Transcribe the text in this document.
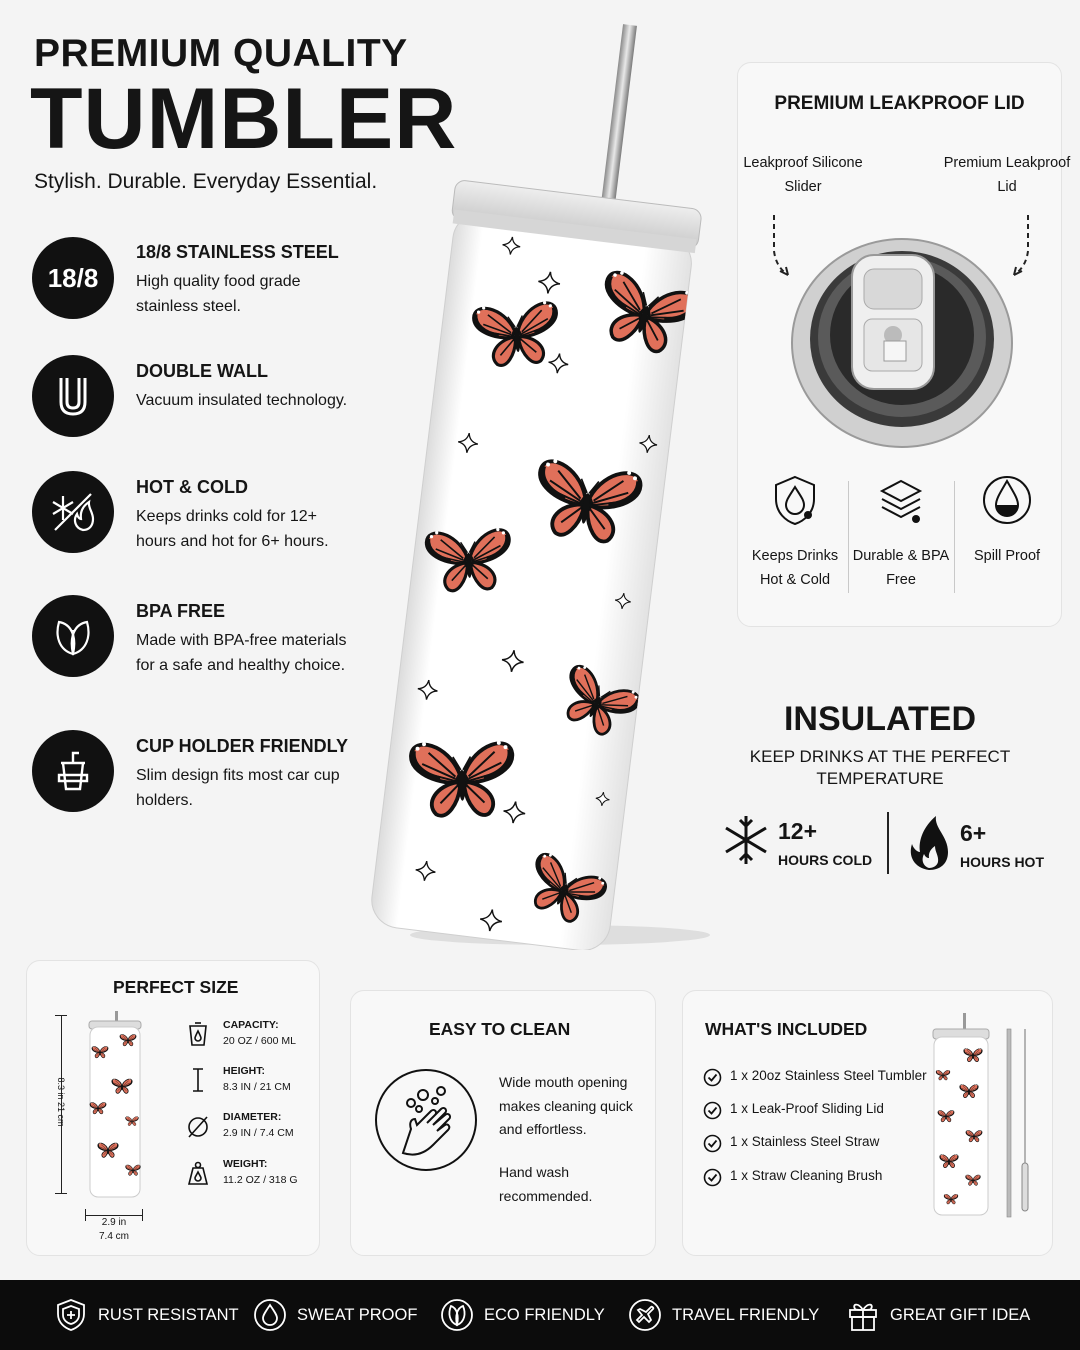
PREMIUM QUALITY
TUMBLER
Stylish. Durable. Everyday Essential.
18/8
18/8 STAINLESS STEEL
High quality food grade stainless steel.
DOUBLE WALL
Vacuum insulated technology.
HOT & COLD
Keeps drinks cold for 12+ hours and hot for 6+ hours.
BPA FREE
Made with BPA-free materials for a safe and healthy choice.
CUP HOLDER FRIENDLY
Slim design fits most car cup holders.
PREMIUM LEAKPROOF LID
Leakproof Silicone Slider
Premium Leakproof Lid
Keeps Drinks Hot & Cold
Durable & BPA Free
Spill Proof
INSULATED
KEEP DRINKS AT THE PERFECT TEMPERATURE
12+
HOURS COLD
6+
HOURS HOT
PERFECT SIZE
8.3 in 21 cm
2.9 in
7.4 cm
CAPACITY:
20 OZ / 600 ML
HEIGHT:
8.3 IN / 21 CM
DIAMETER:
2.9 IN / 7.4 CM
WEIGHT:
11.2 OZ / 318 G
EASY TO CLEAN
Wide mouth opening makes cleaning quick and effortless.
Hand wash recommended.
WHAT'S INCLUDED
1 x 20oz Stainless Steel Tumbler
1 x Leak-Proof Sliding Lid
1 x Stainless Steel Straw
1 x Straw Cleaning Brush
RUST RESISTANT	SWEAT PROOF	ECO FRIENDLY	TRAVEL FRIENDLY	GREAT GIFT IDEA
